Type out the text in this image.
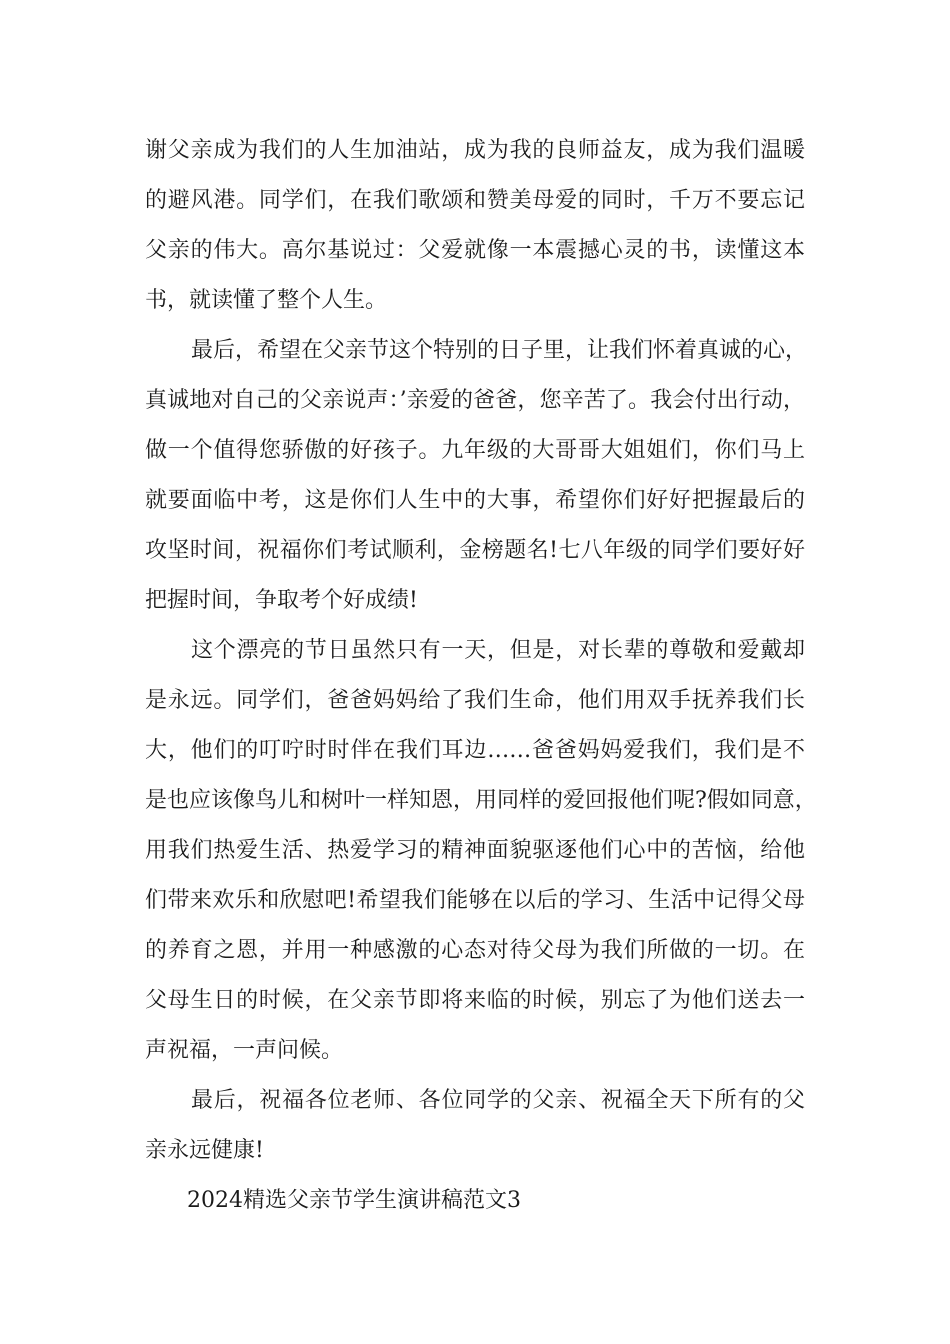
谢父亲成为我们的人生加油站，成为我的良师益友，成为我们温暖
的避风港。同学们，在我们歌颂和赞美母爱的同时，千万不要忘记
父亲的伟大。高尔基说过：父爱就像一本震撼心灵的书，读懂这本
书，就读懂了整个人生。
最后，希望在父亲节这个特别的日子里，让我们怀着真诚的心，
真诚地对自己的父亲说声：’亲爱的爸爸，您辛苦了。我会付出行动，
做一个值得您骄傲的好孩子。九年级的大哥哥大姐姐们，你们马上
就要面临中考，这是你们人生中的大事，希望你们好好把握最后的
攻坚时间，祝福你们考试顺利，金榜题名!七八年级的同学们要好好
把握时间，争取考个好成绩!
这个漂亮的节日虽然只有一天，但是，对长辈的尊敬和爱戴却
是永远。同学们，爸爸妈妈给了我们生命，他们用双手抚养我们长
大，他们的叮咛时时伴在我们耳边……爸爸妈妈爱我们，我们是不
是也应该像鸟儿和树叶一样知恩，用同样的爱回报他们呢?假如同意，
用我们热爱生活、热爱学习的精神面貌驱逐他们心中的苦恼，给他
们带来欢乐和欣慰吧!希望我们能够在以后的学习、生活中记得父母
的养育之恩，并用一种感激的心态对待父母为我们所做的一切。在
父母生日的时候，在父亲节即将来临的时候，别忘了为他们送去一
声祝福，一声问候。
最后，祝福各位老师、各位同学的父亲、祝福全天下所有的父
亲永远健康!
2024精选父亲节学生演讲稿范文3
